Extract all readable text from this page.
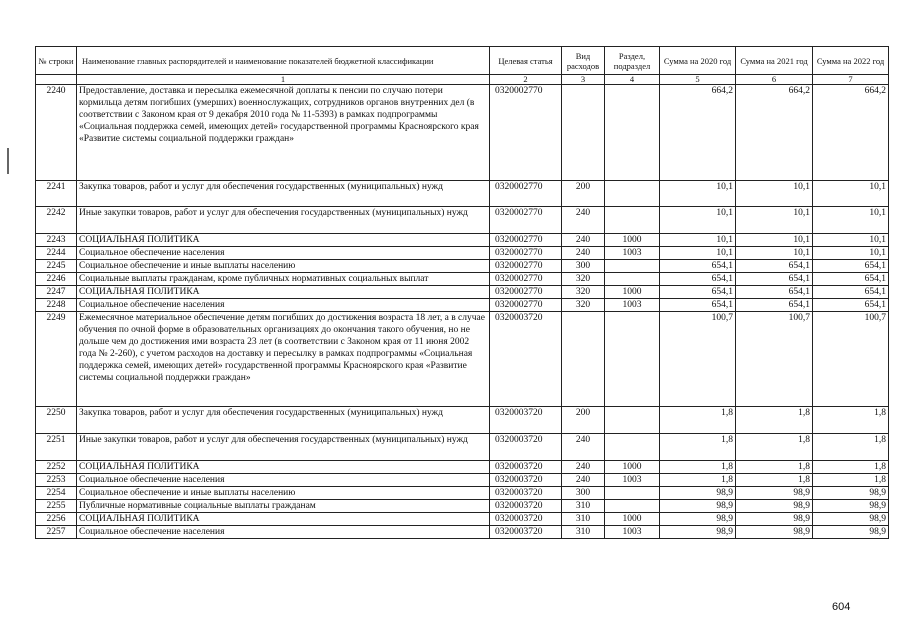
№ строки	Наименование главных распорядителей и наименование показателей бюджетной классификации	Целевая статья	Вид расходов	Раздел, подраздел	Сумма на 2020 год	Сумма на 2021 год	Сумма на 2022 год
	1	2	3	4	5	6	7
2240	Предоставление, доставка и пересылка ежемесячной доплаты к пенсии по случаю потери кормильца детям погибших (умерших) военнослужащих, сотрудников органов внутренних дел (в соответствии с Законом края от 9 декабря 2010 года № 11-5393) в рамках подпрограммы «Социальная поддержка семей, имеющих детей» государственной программы Красноярского края «Развитие системы социальной поддержки граждан»	0320002770			664,2	664,2	664,2
2241	Закупка товаров, работ и услуг для обеспечения государственных (муниципальных) нужд	0320002770	200		10,1	10,1	10,1
2242	Иные закупки товаров, работ и услуг для обеспечения государственных (муниципальных) нужд	0320002770	240		10,1	10,1	10,1
2243	СОЦИАЛЬНАЯ ПОЛИТИКА	0320002770	240	1000	10,1	10,1	10,1
2244	Социальное обеспечение населения	0320002770	240	1003	10,1	10,1	10,1
2245	Социальное обеспечение и иные выплаты населению	0320002770	300		654,1	654,1	654,1
2246	Социальные выплаты гражданам, кроме публичных нормативных социальных выплат	0320002770	320		654,1	654,1	654,1
2247	СОЦИАЛЬНАЯ ПОЛИТИКА	0320002770	320	1000	654,1	654,1	654,1
2248	Социальное обеспечение населения	0320002770	320	1003	654,1	654,1	654,1
2249	Ежемесячное материальное обеспечение детям погибших до достижения возраста 18 лет, а в случае обучения по очной форме в образовательных организациях до окончания такого обучения, но не дольше чем до достижения ими возраста 23 лет (в соответствии с Законом края от 11 июня 2002 года № 2-260), с учетом расходов на доставку и пересылку в рамках подпрограммы «Социальная поддержка семей, имеющих детей» государственной программы Красноярского края «Развитие системы социальной поддержки граждан»	0320003720			100,7	100,7	100,7
2250	Закупка товаров, работ и услуг для обеспечения государственных (муниципальных) нужд	0320003720	200		1,8	1,8	1,8
2251	Иные закупки товаров, работ и услуг для обеспечения государственных (муниципальных) нужд	0320003720	240		1,8	1,8	1,8
2252	СОЦИАЛЬНАЯ ПОЛИТИКА	0320003720	240	1000	1,8	1,8	1,8
2253	Социальное обеспечение населения	0320003720	240	1003	1,8	1,8	1,8
2254	Социальное обеспечение и иные выплаты населению	0320003720	300		98,9	98,9	98,9
2255	Публичные нормативные социальные выплаты гражданам	0320003720	310		98,9	98,9	98,9
2256	СОЦИАЛЬНАЯ ПОЛИТИКА	0320003720	310	1000	98,9	98,9	98,9
2257	Социальное обеспечение населения	0320003720	310	1003	98,9	98,9	98,9
604
